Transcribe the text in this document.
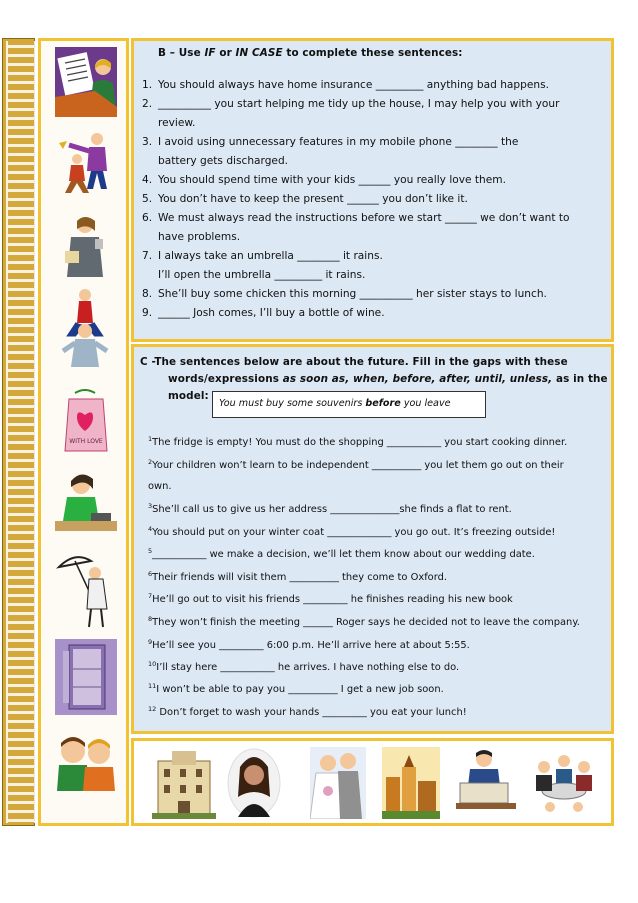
WITH LOVE
B – Use IF or IN CASE to complete these sentences:
1. You should always have home insurance _________ anything bad happens.
2. __________ you start helping me tidy up the house, I may help you with your
review.
3. I avoid using unnecessary features in my mobile phone ________ the
battery gets discharged.
4. You should spend time with your kids ______ you really love them.
5. You don’t have to keep the present ______ you don’t like it.
6. We must always read the instructions before we start ______ we don’t want to
have problems.
7. I always take an umbrella ________ it rains.
I’ll open the umbrella _________ it rains.
8. She’ll buy some chicken this morning __________ her sister stays to lunch.
9. ______ Josh comes, I’ll buy a bottle of wine.
C -The sentences below are about the future. Fill in the gaps with these
words/expressions as soon as, when, before, after, until, unless, as in the
model:
You must buy some souvenirs before you leave
$^1$The fridge is empty! You must do the shopping ___________ you start cooking dinner.
$^2$Your children won’t learn to be independent __________ you let them go out on their
own.
$^3$She’ll call us to give us her address ______________she finds a flat to rent.
$^4$You should put on your winter coat _____________ you go out. It’s freezing outside!
$^5$___________ we make a decision, we’ll let them know about our wedding date.
$^6$Their friends will visit them __________ they come to Oxford.
$^7$He’ll go out to visit his friends _________ he finishes reading his new book
$^8$They won’t finish the meeting ______ Roger says he decided not to leave the company.
$^9$He’ll see you _________ 6:00 p.m. He’ll arrive here at about 5:55.
$^{10}$I’ll stay here ___________ he arrives. I have nothing else to do.
$^{11}$I won’t be able to pay you __________ I get a new job soon.
$^{12}$ Don’t forget to wash your hands _________ you eat your lunch!
